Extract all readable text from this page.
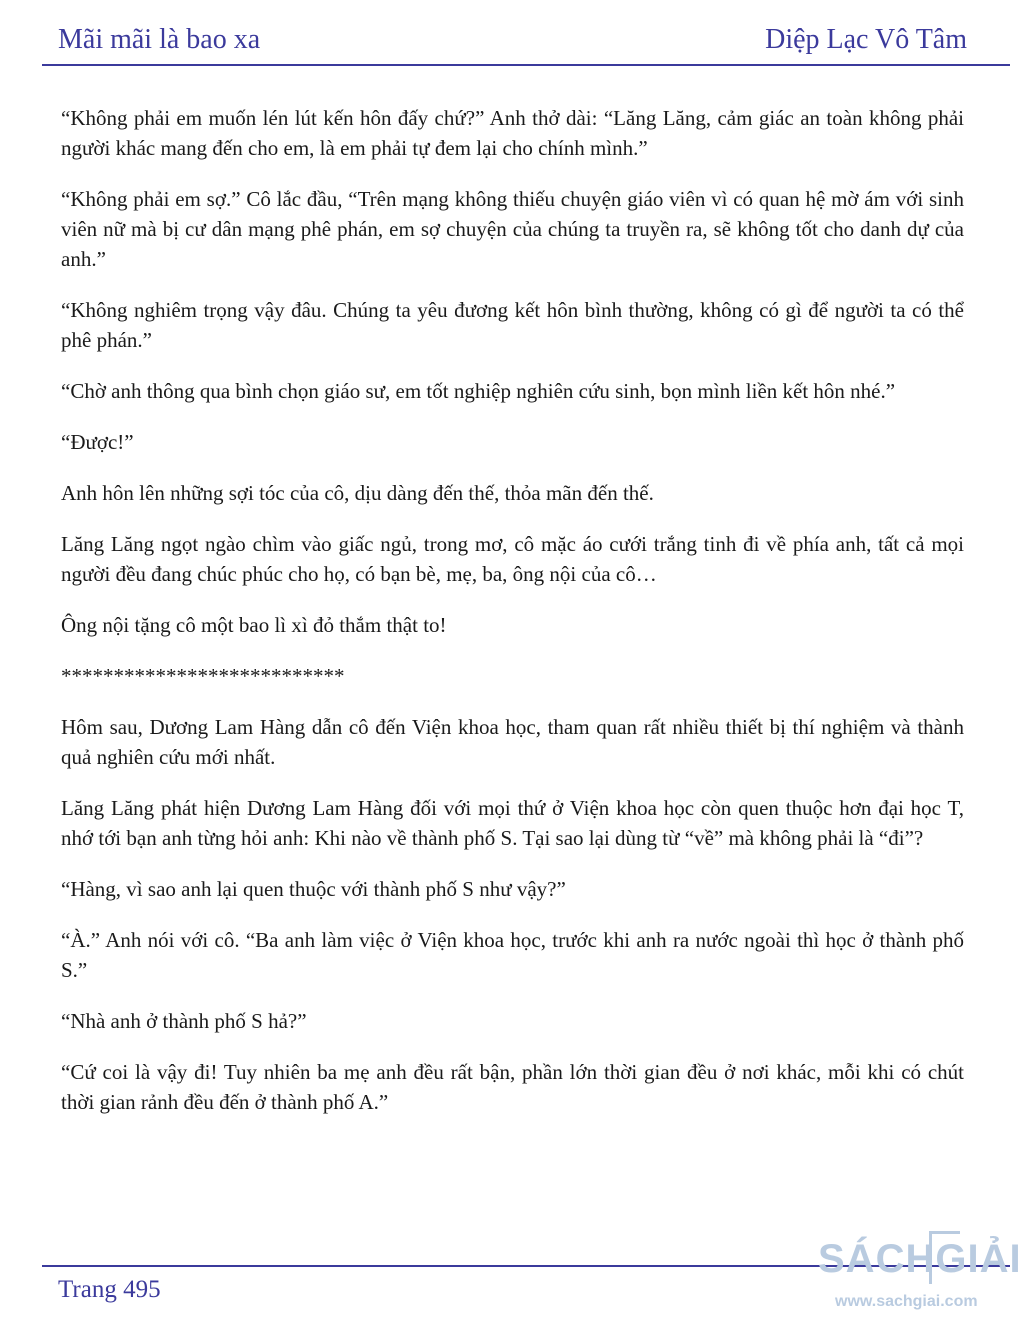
Mãi mãi là bao xa	Diệp Lạc Vô Tâm

“Không phải em muốn lén lút kến hôn đấy chứ?” Anh thở dài: “Lăng Lăng, cảm giác an toàn không phải người khác mang đến cho em, là em phải tự đem lại cho chính mình.”

“Không phải em sợ.” Cô lắc đầu, “Trên mạng không thiếu chuyện giáo viên vì có quan hệ mờ ám với sinh viên nữ mà bị cư dân mạng phê phán, em sợ chuyện của chúng ta truyền ra, sẽ không tốt cho danh dự của anh.”

“Không nghiêm trọng vậy đâu. Chúng ta yêu đương kết hôn bình thường, không có gì để người ta có thể phê phán.”

“Chờ anh thông qua bình chọn giáo sư, em tốt nghiệp nghiên cứu sinh, bọn mình liền kết hôn nhé.”

“Được!”

Anh hôn lên những sợi tóc của cô, dịu dàng đến thế, thỏa mãn đến thế.

Lăng Lăng ngọt ngào chìm vào giấc ngủ, trong mơ, cô mặc áo cưới trắng tinh đi về phía anh, tất cả mọi người đều đang chúc phúc cho họ, có bạn bè, mẹ, ba, ông nội của cô…

Ông nội tặng cô một bao lì xì đỏ thắm thật to!

***************************

Hôm sau, Dương Lam Hàng dẫn cô đến Viện khoa học, tham quan rất nhiều thiết bị thí nghiệm và thành quả nghiên cứu mới nhất.

Lăng Lăng phát hiện Dương Lam Hàng đối với mọi thứ ở Viện khoa học còn quen thuộc hơn đại học T, nhớ tới bạn anh từng hỏi anh: Khi nào về thành phố S. Tại sao lại dùng từ “về” mà không phải là “đi”?

“Hàng, vì sao anh lại quen thuộc với thành phố S như vậy?”

“À.” Anh nói với cô. “Ba anh làm việc ở Viện khoa học, trước khi anh ra nước ngoài thì học ở thành phố S.”

“Nhà anh ở thành phố S hả?”

“Cứ coi là vậy đi! Tuy nhiên ba mẹ anh đều rất bận, phần lớn thời gian đều ở nơi khác, mỗi khi có chút thời gian rảnh đều đến ở thành phố A.”

Trang 495
SÁCHGIẢI
www.sachgiai.com
